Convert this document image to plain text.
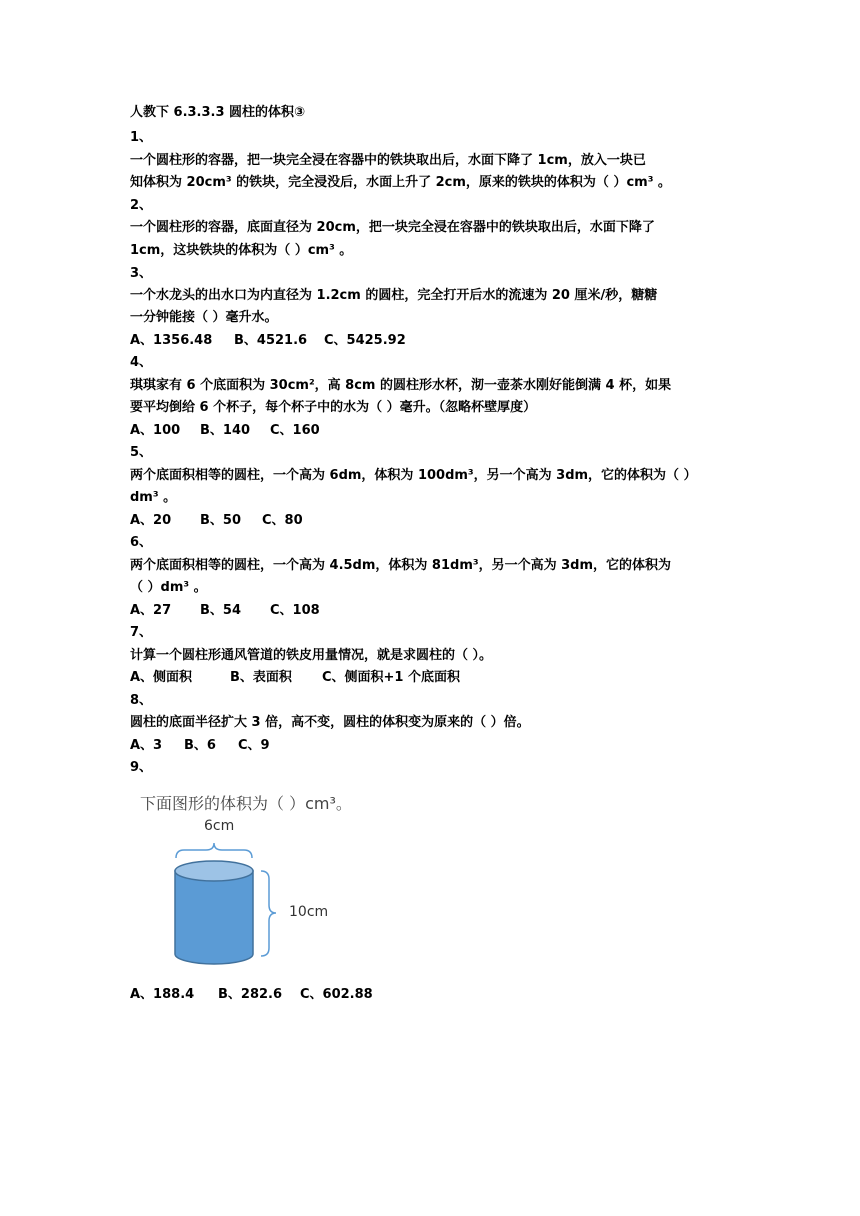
人教下 6.3.3.3 圆柱的体积③

1、

一个圆柱形的容器，把一块完全浸在容器中的铁块取出后，水面下降了 1cm，放入一块已

知体积为 20cm³ 的铁块，完全浸没后，水面上升了 2cm，原来的铁块的体积为（ ）cm³ 。

2、

一个圆柱形的容器，底面直径为 20cm，把一块完全浸在容器中的铁块取出后，水面下降了

1cm，这块铁块的体积为（ ）cm³ 。

3、

一个水龙头的出水口为内直径为 1.2cm 的圆柱，完全打开后水的流速为 20 厘米/秒，糖糖

一分钟能接（ ）毫升水。

A、1356.48 B、4521.6 C、5425.92

4、

琪琪家有 6 个底面积为 30cm²，高 8cm 的圆柱形水杯，沏一壶茶水刚好能倒满 4 杯，如果

要平均倒给 6 个杯子，每个杯子中的水为（ ）毫升。（忽略杯壁厚度）

A、100 B、140 C、160

5、

两个底面积相等的圆柱，一个高为 6dm，体积为 100dm³，另一个高为 3dm，它的体积为（ ）

dm³ 。

A、20 B、50 C、80

6、

两个底面积相等的圆柱，一个高为 4.5dm，体积为 81dm³，另一个高为 3dm，它的体积为

（ ）dm³ 。

A、27 B、54 C、108

7、

计算一个圆柱形通风管道的铁皮用量情况，就是求圆柱的（ ）。

A、侧面积	B、表面积 C、侧面积+1 个底面积

8、

圆柱的底面半径扩大 3 倍，高不变，圆柱的体积变为原来的（ ）倍。

A、3 B、6 C、9

9、

下面图形的体积为（ ）cm³。

6cm

10cm

A、188.4 B、282.6 C、602.88
